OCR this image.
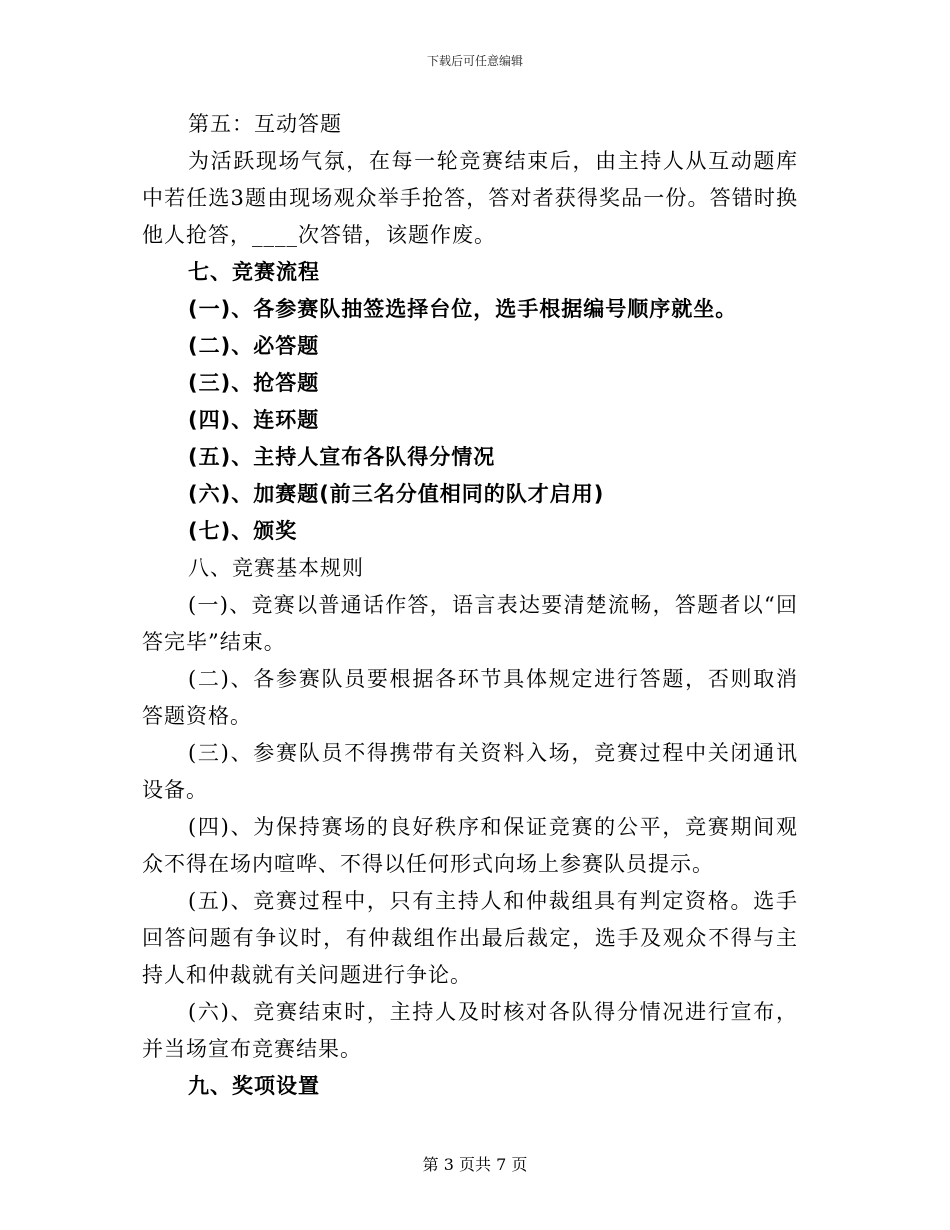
下载后可任意编辑

第五：互动答题

为活跃现场气氛，在每一轮竞赛结束后，由主持人从互动题库中若任选3题由现场观众举手抢答，答对者获得奖品一份。答错时换他人抢答，____次答错，该题作废。

七、竞赛流程

(一)、各参赛队抽签选择台位，选手根据编号顺序就坐。

(二)、必答题

(三)、抢答题

(四)、连环题

(五)、主持人宣布各队得分情况

(六)、加赛题(前三名分值相同的队才启用)

(七)、颁奖

八、竞赛基本规则

(一)、竞赛以普通话作答，语言表达要清楚流畅，答题者以“回答完毕”结束。

(二)、各参赛队员要根据各环节具体规定进行答题，否则取消答题资格。

(三)、参赛队员不得携带有关资料入场，竞赛过程中关闭通讯设备。

(四)、为保持赛场的良好秩序和保证竞赛的公平，竞赛期间观众不得在场内喧哗、不得以任何形式向场上参赛队员提示。

(五)、竞赛过程中，只有主持人和仲裁组具有判定资格。选手回答问题有争议时，有仲裁组作出最后裁定，选手及观众不得与主持人和仲裁就有关问题进行争论。

(六)、竞赛结束时，主持人及时核对各队得分情况进行宣布，并当场宣布竞赛结果。

九、奖项设置

第 3 页共 7 页
